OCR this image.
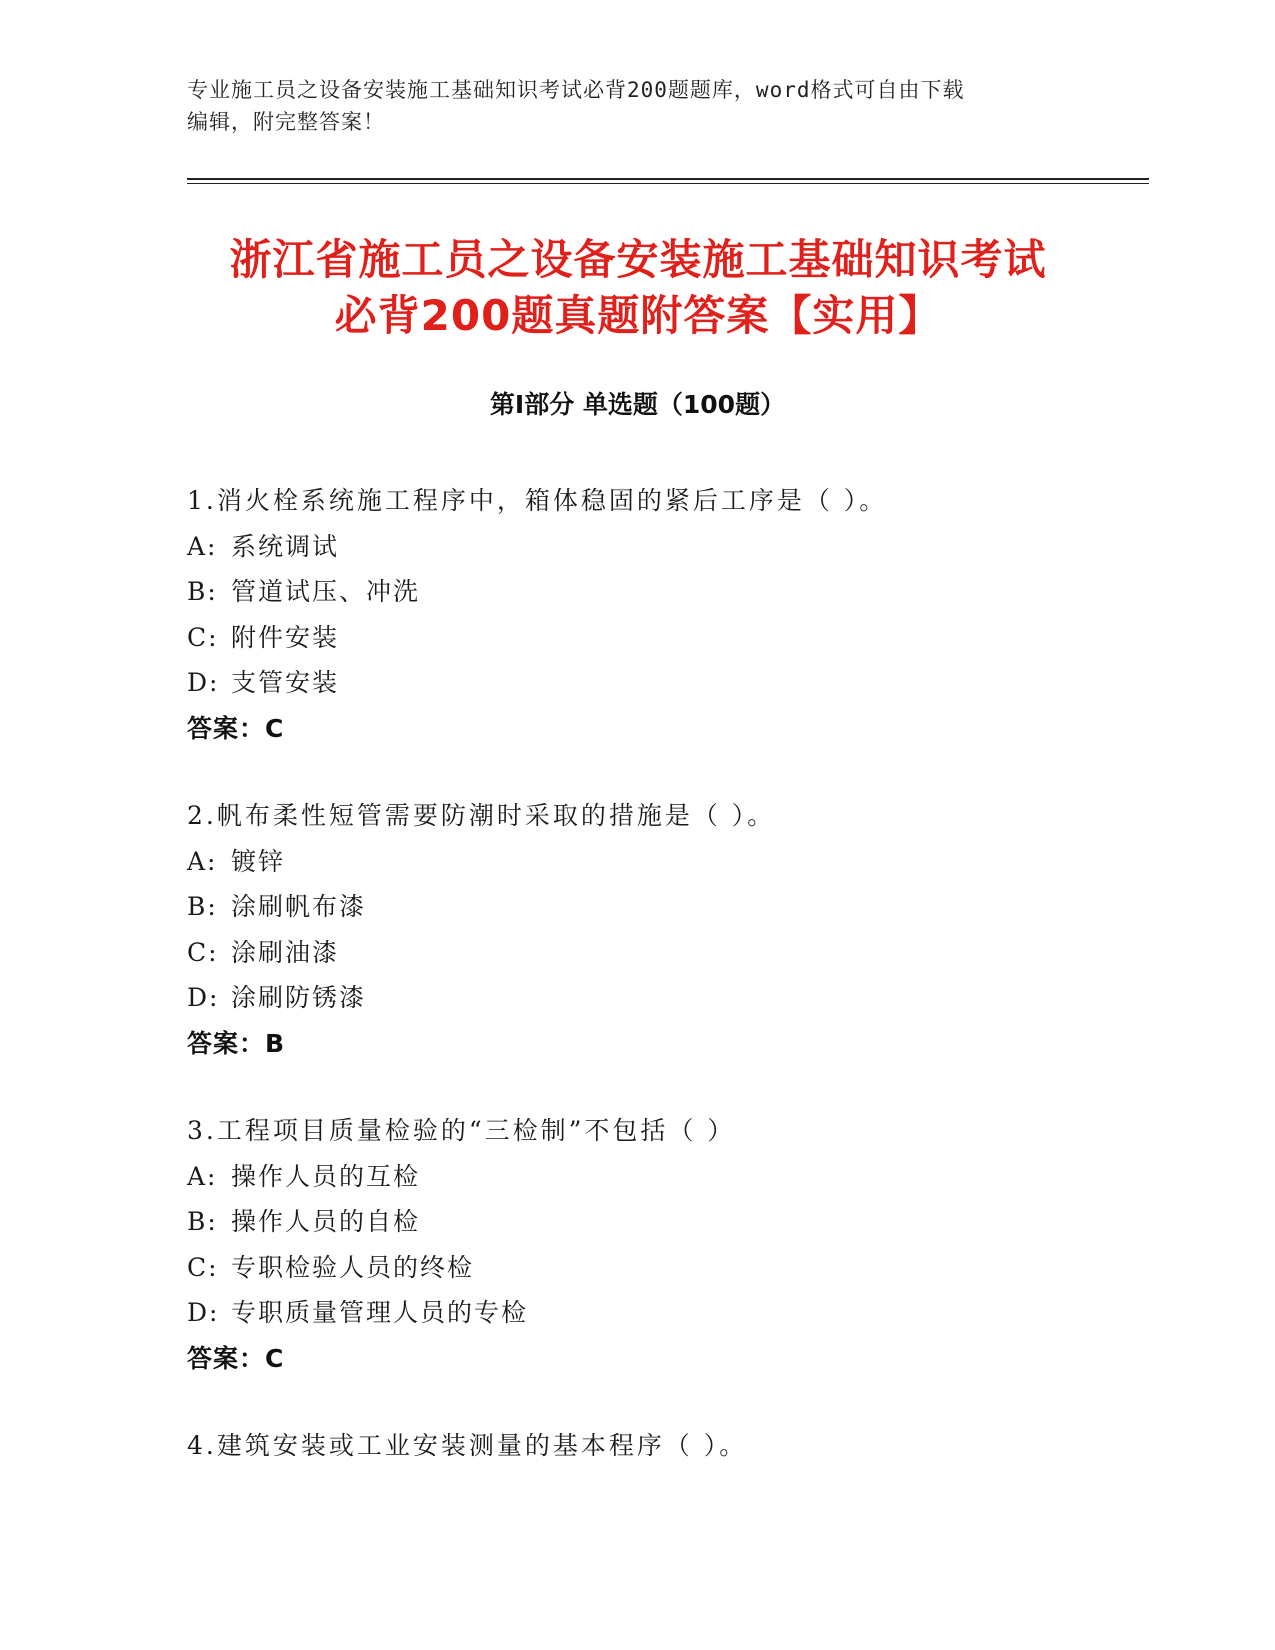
专业施工员之设备安装施工基础知识考试必背200题题库，word格式可自由下载
编辑，附完整答案！
浙江省施工员之设备安装施工基础知识考试
必背200题真题附答案【实用】
第Ⅰ部分 单选题（100题）
1.消火栓系统施工程序中，箱体稳固的紧后工序是（ ）。
A: 系统调试
B: 管道试压、冲洗
C: 附件安装
D: 支管安装
答案：C
2.帆布柔性短管需要防潮时采取的措施是（ ）。
A: 镀锌
B: 涂刷帆布漆
C: 涂刷油漆
D: 涂刷防锈漆
答案：B
3.工程项目质量检验的“三检制”不包括（ ）
A: 操作人员的互检
B: 操作人员的自检
C: 专职检验人员的终检
D: 专职质量管理人员的专检
答案：C
4.建筑安装或工业安装测量的基本程序（ ）。
